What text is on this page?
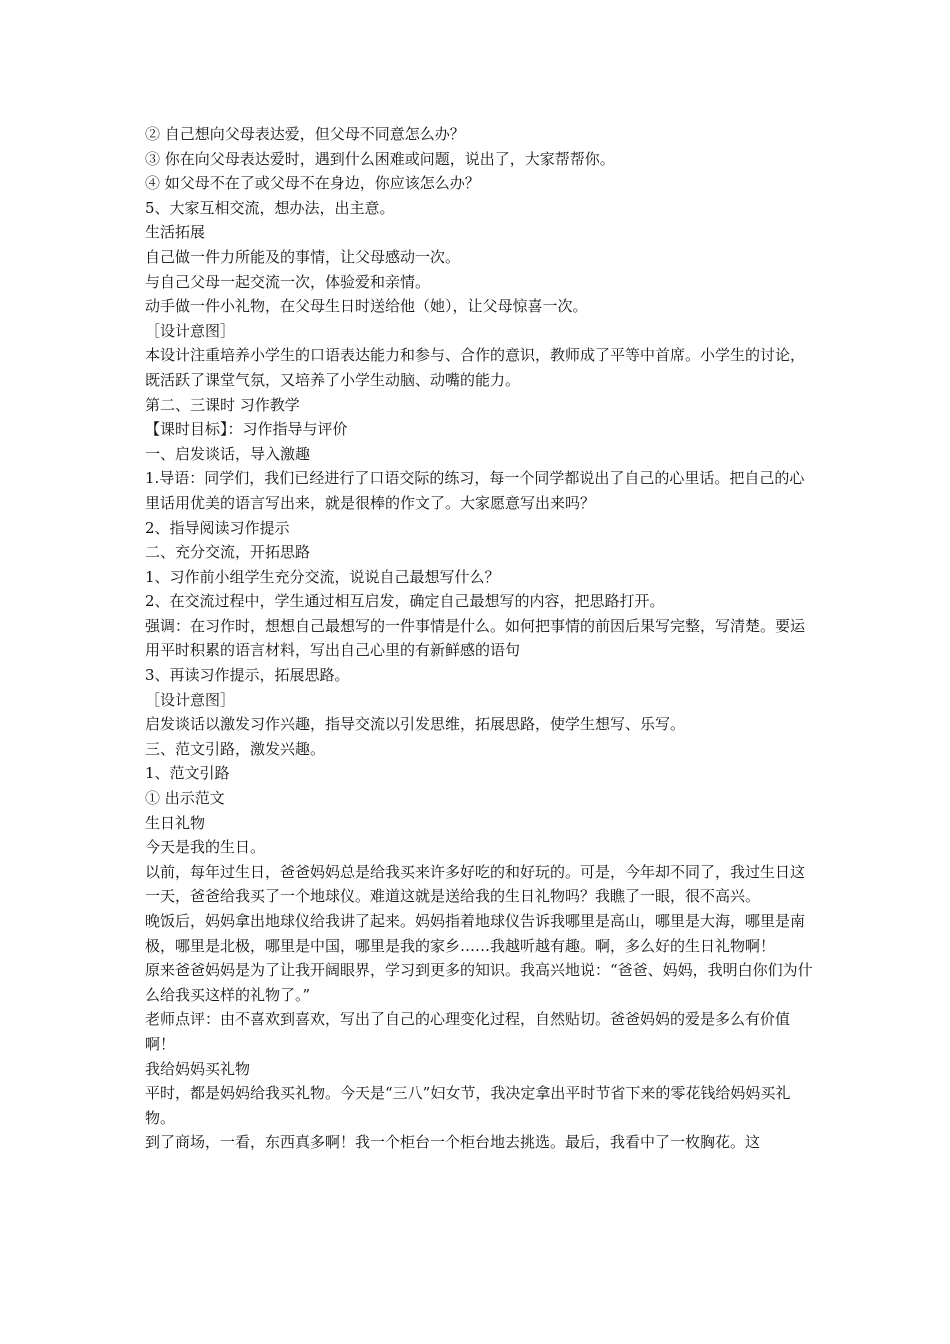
② 自己想向父母表达爱，但父母不同意怎么办？

③ 你在向父母表达爱时，遇到什么困难或问题，说出了，大家帮帮你。

④ 如父母不在了或父母不在身边，你应该怎么办？

5、大家互相交流，想办法，出主意。

生活拓展

自己做一件力所能及的事情，让父母感动一次。

与自己父母一起交流一次，体验爱和亲情。

动手做一件小礼物，在父母生日时送给他（她），让父母惊喜一次。

［设计意图］

本设计注重培养小学生的口语表达能力和参与、合作的意识，教师成了平等中首席。小学生的讨论，既活跃了课堂气氛，又培养了小学生动脑、动嘴的能力。

第二、三课时 习作教学

【课时目标】：习作指导与评价

一、启发谈话，导入激趣

1.导语：同学们，我们已经进行了口语交际的练习，每一个同学都说出了自己的心里话。把自己的心里话用优美的语言写出来，就是很棒的作文了。大家愿意写出来吗？

2、指导阅读习作提示

二、充分交流，开拓思路

1、习作前小组学生充分交流，说说自己最想写什么？

2、在交流过程中，学生通过相互启发，确定自己最想写的内容，把思路打开。

强调：在习作时，想想自己最想写的一件事情是什么。如何把事情的前因后果写完整，写清楚。要运用平时积累的语言材料，写出自己心里的有新鲜感的语句

3、再读习作提示，拓展思路。

［设计意图］

启发谈话以激发习作兴趣，指导交流以引发思维，拓展思路，使学生想写、乐写。

三、范文引路，激发兴趣。

1、范文引路

① 出示范文

生日礼物

今天是我的生日。

以前，每年过生日，爸爸妈妈总是给我买来许多好吃的和好玩的。可是，今年却不同了，我过生日这一天，爸爸给我买了一个地球仪。难道这就是送给我的生日礼物吗？我瞧了一眼，很不高兴。

晚饭后，妈妈拿出地球仪给我讲了起来。妈妈指着地球仪告诉我哪里是高山，哪里是大海，哪里是南极，哪里是北极，哪里是中国，哪里是我的家乡……我越听越有趣。啊，多么好的生日礼物啊！

原来爸爸妈妈是为了让我开阔眼界，学习到更多的知识。我高兴地说：“爸爸、妈妈，我明白你们为什么给我买这样的礼物了。”

老师点评：由不喜欢到喜欢，写出了自己的心理变化过程，自然贴切。爸爸妈妈的爱是多么有价值啊！

我给妈妈买礼物

平时，都是妈妈给我买礼物。今天是“三八”妇女节，我决定拿出平时节省下来的零花钱给妈妈买礼物。

到了商场，一看，东西真多啊！我一个柜台一个柜台地去挑选。最后，我看中了一枚胸花。这
